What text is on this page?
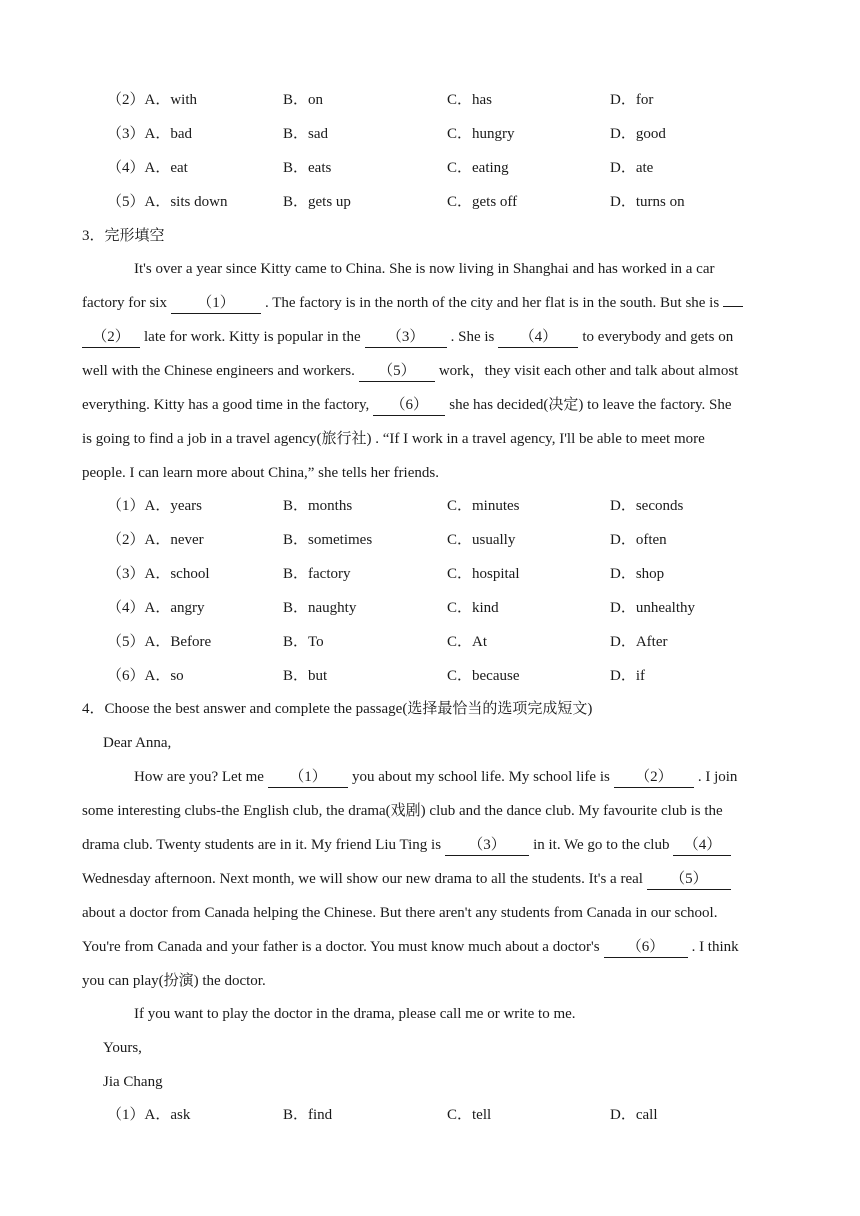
（2）A．with	B．on	C．has	D．for
（3）A．bad	B．sad	C．hungry	D．good
（4）A．eat	B．eats	C．eating	D．ate
（5）A．sits down	B．gets up	C．gets off	D．turns on
3．完形填空
It's over a year since Kitty came to China. She is now living in Shanghai and has worked in a car
factory for six （1） . The factory is in the north of the city and her flat is in the south. But she is
（2） late for work. Kitty is popular in the （3） . She is （4） to everybody and gets on
well with the Chinese engineers and workers. （5） work，they visit each other and talk about almost
everything. Kitty has a good time in the factory, （6） she has decided(决定) to leave the factory. She
is going to find a job in a travel agency(旅行社) . “If I work in a travel agency, I'll be able to meet more
people. I can learn more about China,” she tells her friends.
（1）A．years	B．months	C．minutes	D．seconds
（2）A．never	B．sometimes	C．usually	D．often
（3）A．school	B．factory	C．hospital	D．shop
（4）A．angry	B．naughty	C．kind	D．unhealthy
（5）A．Before	B．To	C．At	D．After
（6）A．so	B．but	C．because	D．if
4．Choose the best answer and complete the passage(选择最恰当的选项完成短文)
Dear Anna,
How are you? Let me （1） you about my school life. My school life is （2） . I join
some interesting clubs-the English club, the drama(戏剧) club and the dance club. My favourite club is the
drama club. Twenty students are in it. My friend Liu Ting is （3） in it. We go to the club （4）
Wednesday afternoon. Next month, we will show our new drama to all the students. It's a real （5）
about a doctor from Canada helping the Chinese. But there aren't any students from Canada in our school.
You're from Canada and your father is a doctor. You must know much about a doctor's （6） . I think
you can play(扮演) the doctor.
If you want to play the doctor in the drama, please call me or write to me.
Yours,
Jia Chang
（1）A．ask	B．find	C．tell	D．call
